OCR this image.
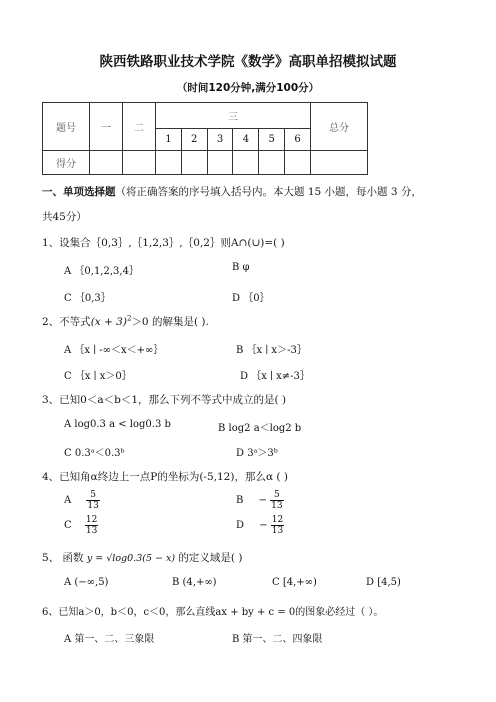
陕西铁路职业技术学院《数学》高职单招模拟试题
（时间120分钟,满分100分）
题号	一	二	三						总分
			1	2	3	4	5	6	
得分									
一、单项选择题（将正确答案的序号填入括号内。本大题 15 小题，每小题 3 分，
共45分）
1、设集合｛0,3｝,｛1,2,3｝,｛0,2｝则A∩(∪)=( )
A ｛0,1,2,3,4｝	B φ
C ｛0,3｝	D ｛0｝
2、不等式$(x + 3)^2>0$ 的解集是( ).
A ｛x ∣ -∞＜x＜+∞｝	B ｛x ∣ x＞-3｝
C ｛x ∣ x＞0｝	D ｛x ∣ x≠-3｝
3、已知0＜a＜b＜1，那么下列不等式中成立的是( )
A log0.3 a < log0.3 b	B log2 a＜log2 b
C 0.3ᵃ＜0.3ᵇ	D 3ᵃ＞3ᵇ
4、已知角α终边上一点P的坐标为(-5,12)，那么α ( )
A $\frac{5}{13}$	$B - \frac{5}{13}$
C $\frac{12}{13}$	$D - \frac{12}{13}$
5、 函数 y = √log0.3(5 − x) 的定义域是( )
A (−∞,5)	B (4,+∞)	C [4,+∞)	D [4,5)
6、已知a＞0，b＜0，c＜0，那么直线ax + by + c = 0的图象必经过（ ）。
A 第一、二、三象限	B 第一、二、四象限
